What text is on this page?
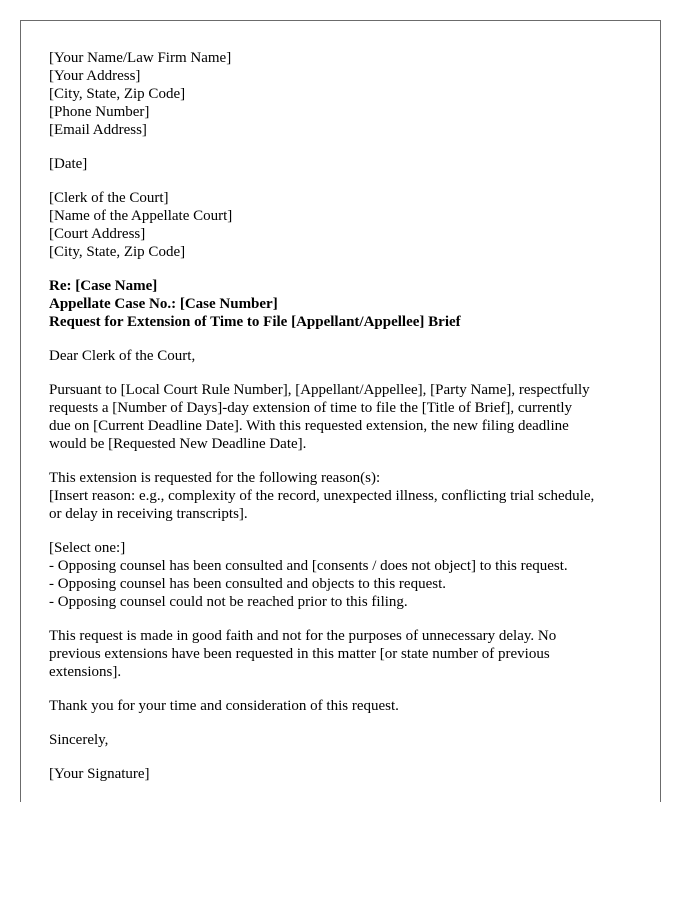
[Your Name/Law Firm Name]
[Your Address]
[City, State, Zip Code]
[Phone Number]
[Email Address]
[Date]
[Clerk of the Court]
[Name of the Appellate Court]
[Court Address]
[City, State, Zip Code]
Re: [Case Name]
Appellate Case No.: [Case Number]
Request for Extension of Time to File [Appellant/Appellee] Brief
Dear Clerk of the Court,
Pursuant to [Local Court Rule Number], [Appellant/Appellee], [Party Name], respectfully
requests a [Number of Days]-day extension of time to file the [Title of Brief], currently
due on [Current Deadline Date]. With this requested extension, the new filing deadline
would be [Requested New Deadline Date].
This extension is requested for the following reason(s):
[Insert reason: e.g., complexity of the record, unexpected illness, conflicting trial schedule,
or delay in receiving transcripts].
[Select one:]
- Opposing counsel has been consulted and [consents / does not object] to this request.
- Opposing counsel has been consulted and objects to this request.
- Opposing counsel could not be reached prior to this filing.
This request is made in good faith and not for the purposes of unnecessary delay. No
previous extensions have been requested in this matter [or state number of previous
extensions].
Thank you for your time and consideration of this request.
Sincerely,
[Your Signature]
